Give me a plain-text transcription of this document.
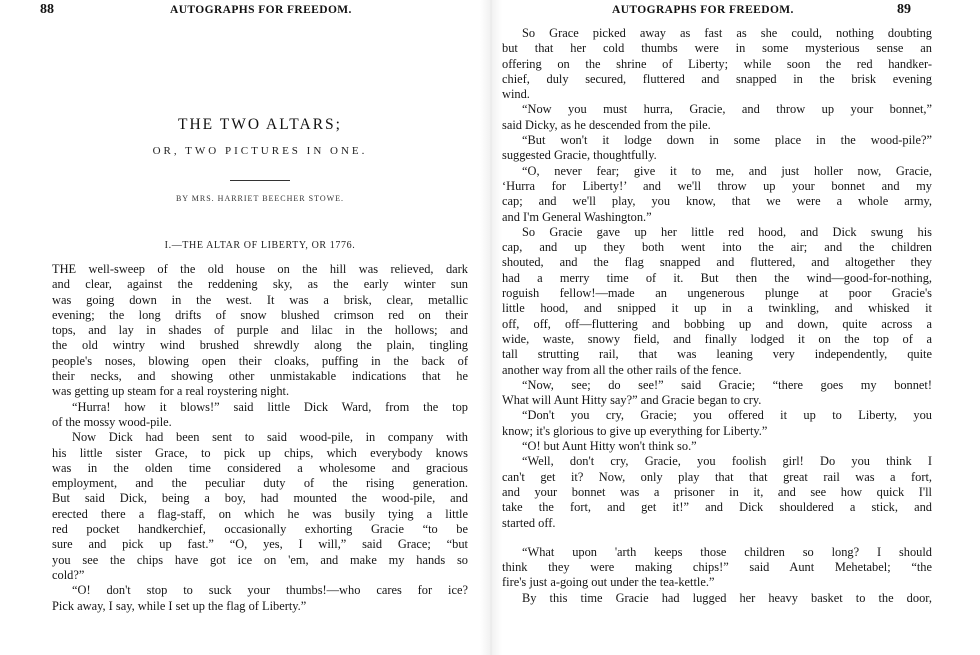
88	AUTOGRAPHS FOR FREEDOM.
THE TWO ALTARS;
OR, TWO PICTURES IN ONE.
BY MRS. HARRIET BEECHER STOWE.
I.—THE ALTAR OF LIBERTY, OR 1776.
THE well-sweep of the old house on the hill was relieved, dark
and clear, against the reddening sky, as the early winter sun
was going down in the west. It was a brisk, clear, metallic
evening; the long drifts of snow blushed crimson red on their
tops, and lay in shades of purple and lilac in the hollows; and
the old wintry wind brushed shrewdly along the plain, tingling
people's noses, blowing open their cloaks, puffing in the back of
their necks, and showing other unmistakable indications that he
was getting up steam for a real roystering night.
“Hurra! how it blows!” said little Dick Ward, from the top
of the mossy wood-pile.
Now Dick had been sent to said wood-pile, in company with
his little sister Grace, to pick up chips, which everybody knows
was in the olden time considered a wholesome and gracious
employment, and the peculiar duty of the rising generation.
But said Dick, being a boy, had mounted the wood-pile, and
erected there a flag-staff, on which he was busily tying a little
red pocket handkerchief, occasionally exhorting Gracie “to be
sure and pick up fast.” “O, yes, I will,” said Grace; “but
you see the chips have got ice on 'em, and make my hands so
cold?”
“O! don't stop to suck your thumbs!—who cares for ice?
Pick away, I say, while I set up the flag of Liberty.”
AUTOGRAPHS FOR FREEDOM.	89
So Grace picked away as fast as she could, nothing doubting
but that her cold thumbs were in some mysterious sense an
offering on the shrine of Liberty; while soon the red handker-
chief, duly secured, fluttered and snapped in the brisk evening
wind.
“Now you must hurra, Gracie, and throw up your bonnet,”
said Dicky, as he descended from the pile.
“But won't it lodge down in some place in the wood-pile?”
suggested Gracie, thoughtfully.
“O, never fear; give it to me, and just holler now, Gracie,
‘Hurra for Liberty!’ and we'll throw up your bonnet and my
cap; and we'll play, you know, that we were a whole army,
and I'm General Washington.”
So Gracie gave up her little red hood, and Dick swung his
cap, and up they both went into the air; and the children
shouted, and the flag snapped and fluttered, and altogether they
had a merry time of it. But then the wind—good-for-nothing,
roguish fellow!—made an ungenerous plunge at poor Gracie's
little hood, and snipped it up in a twinkling, and whisked it
off, off, off—fluttering and bobbing up and down, quite across a
wide, waste, snowy field, and finally lodged it on the top of a
tall strutting rail, that was leaning very independently, quite
another way from all the other rails of the fence.
“Now, see; do see!” said Gracie; “there goes my bonnet!
What will Aunt Hitty say?” and Gracie began to cry.
“Don't you cry, Gracie; you offered it up to Liberty, you
know; it's glorious to give up everything for Liberty.”
“O! but Aunt Hitty won't think so.”
“Well, don't cry, Gracie, you foolish girl! Do you think I
can't get it? Now, only play that that great rail was a fort,
and your bonnet was a prisoner in it, and see how quick I'll
take the fort, and get it!” and Dick shouldered a stick, and
started off.
“What upon 'arth keeps those children so long? I should
think they were making chips!” said Aunt Mehetabel; “the
fire's just a-going out under the tea-kettle.”
By this time Gracie had lugged her heavy basket to the door,
